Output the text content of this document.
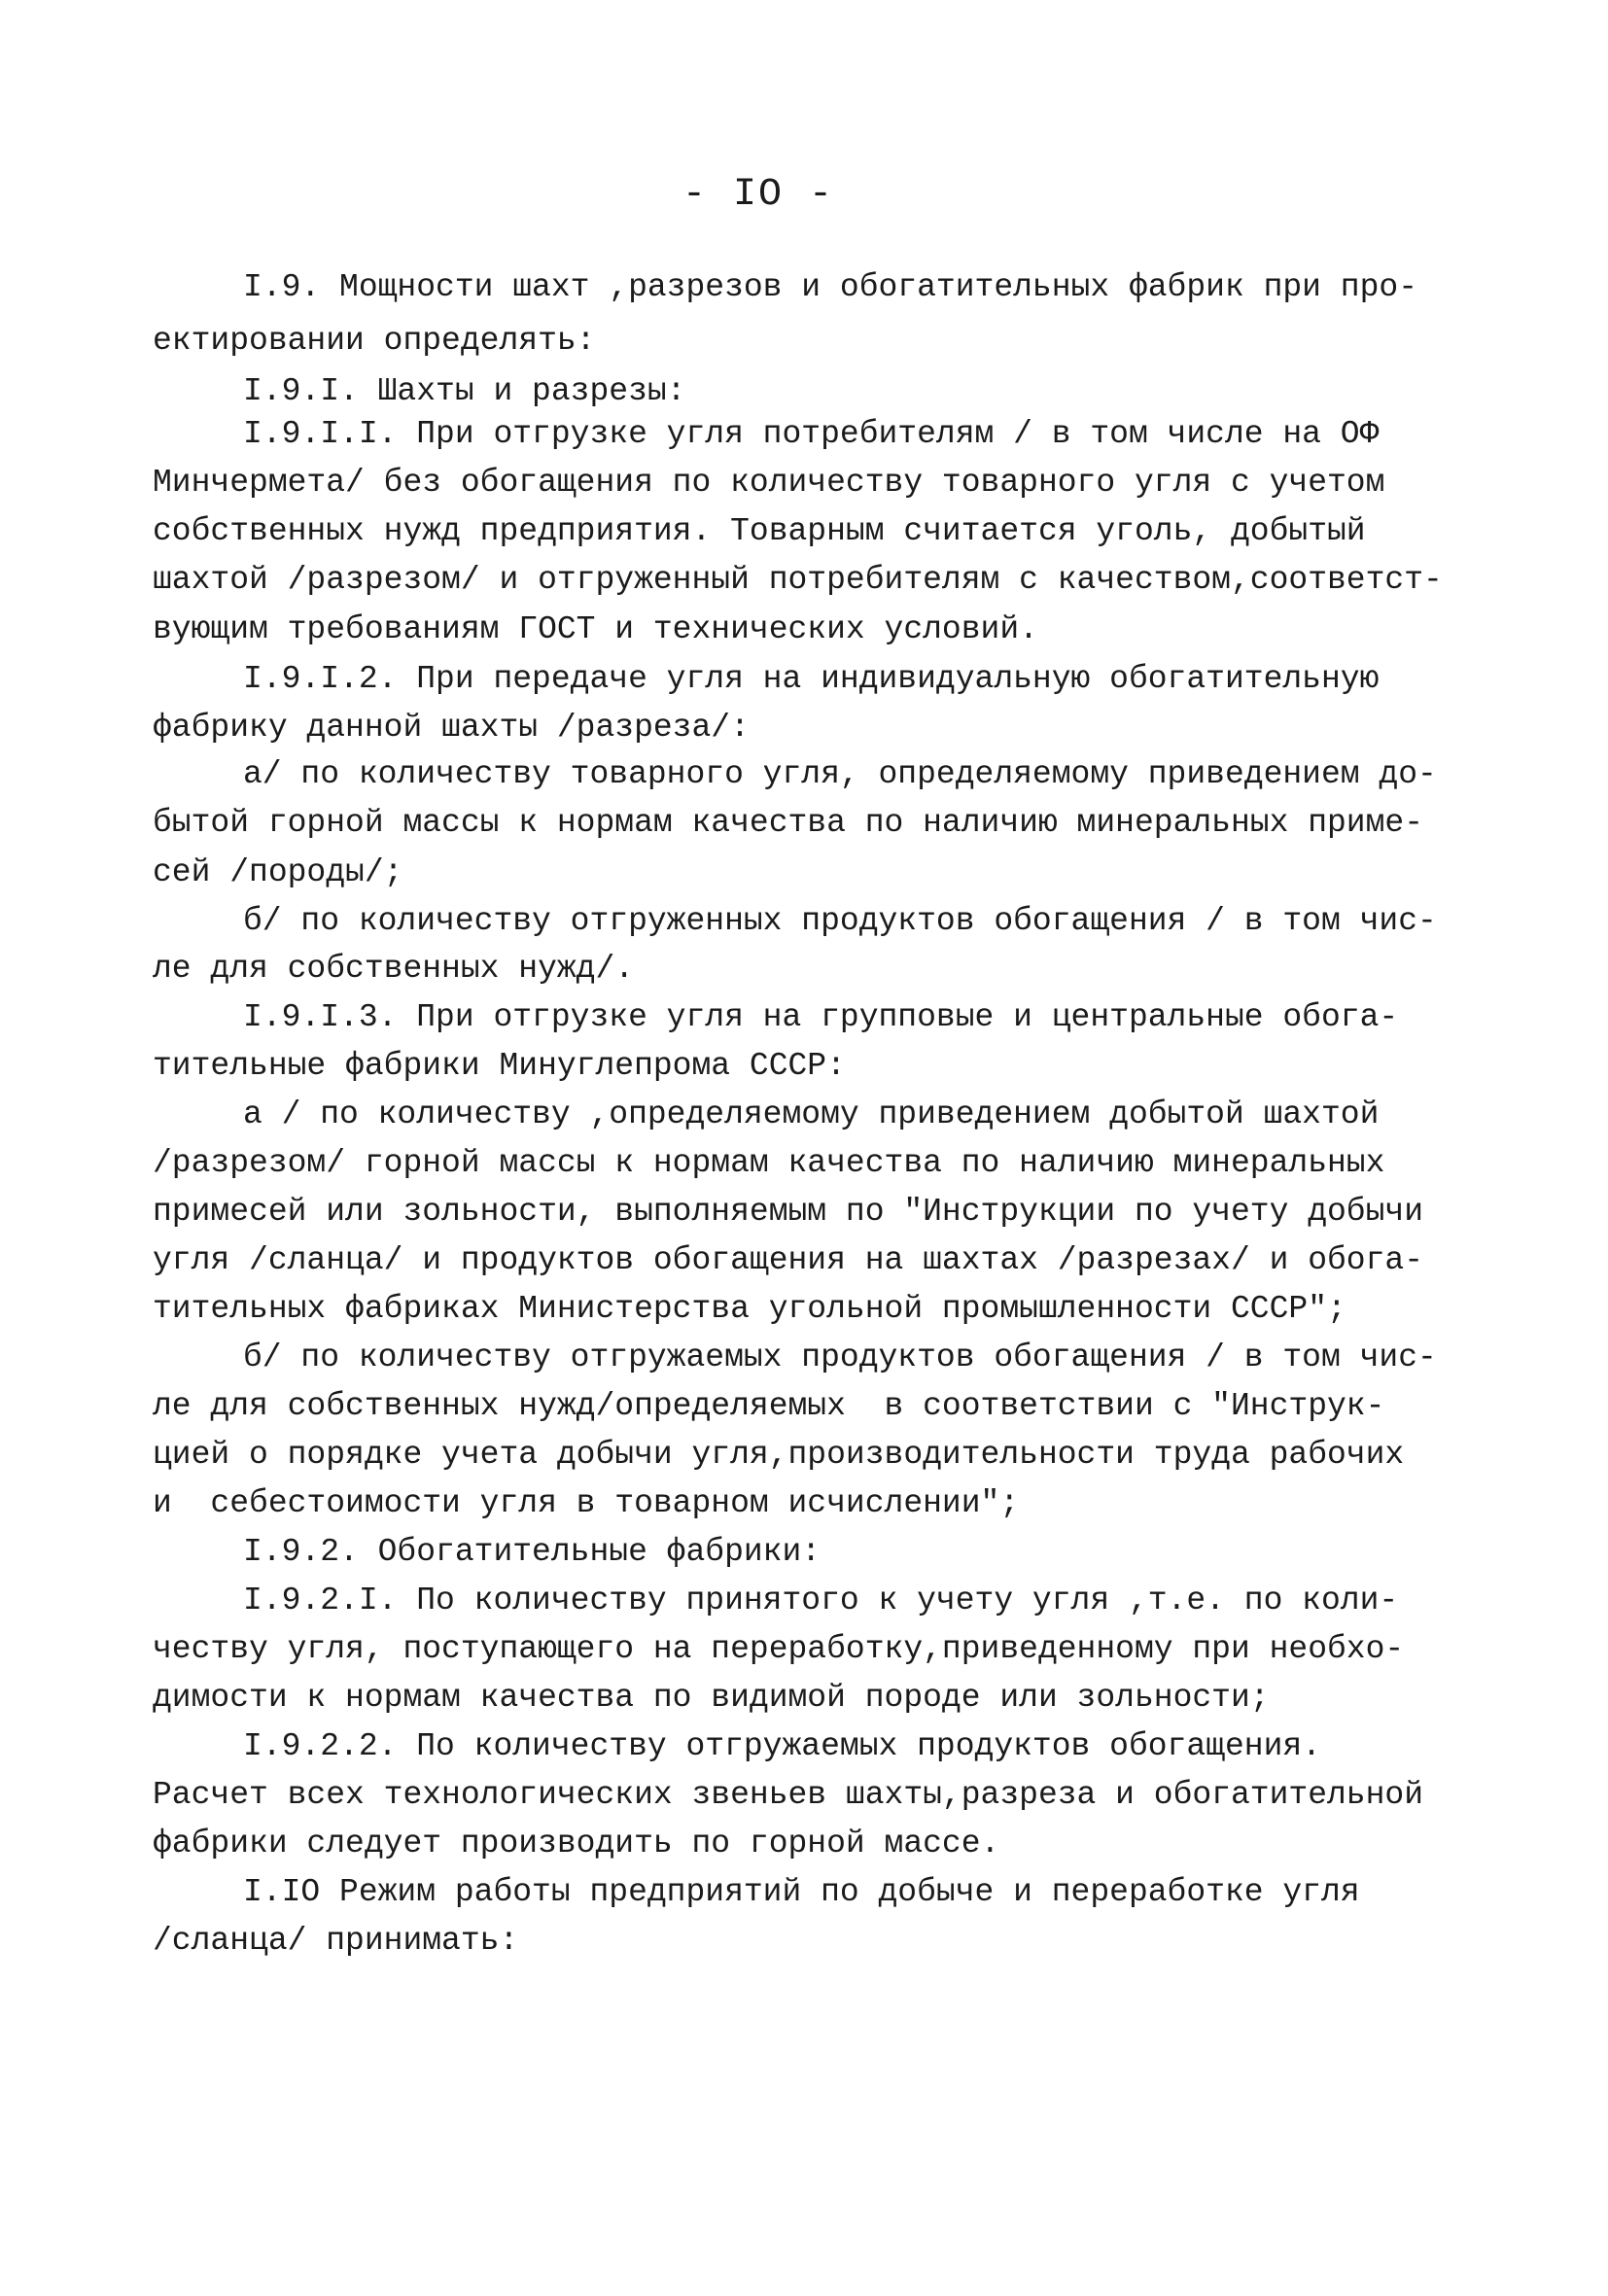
- IO -
I.9. Мощности шахт ,разрезов и обогатительных фабрик при про-
ектировании определять:
I.9.I. Шахты и разрезы:
I.9.I.I. При отгрузке угля потребителям / в том числе на ОФ
Минчермета/ без обогащения по количеству товарного угля с учетом
собственных нужд предприятия. Товарным считается уголь, добытый
шахтой /разрезом/ и отгруженный потребителям с качеством,соответст-
вующим требованиям ГОСТ и технических условий.
I.9.I.2. При передаче угля на индивидуальную обогатительную
фабрику данной шахты /разреза/:
а/ по количеству товарного угля, определяемому приведением до-
бытой горной массы к нормам качества по наличию минеральных приме-
сей /породы/;
б/ по количеству отгруженных продуктов обогащения / в том чис-
ле для собственных нужд/.
I.9.I.3. При отгрузке угля на групповые и центральные обога-
тительные фабрики Минуглепрома СССР:
а / по количеству ,определяемому приведением добытой шахтой
/разрезом/ горной массы к нормам качества по наличию минеральных
примесей или зольности, выполняемым по "Инструкции по учету добычи
угля /сланца/ и продуктов обогащения на шахтах /разрезах/ и обога-
тительных фабриках Министерства угольной промышленности СССР";
б/ по количеству отгружаемых продуктов обогащения / в том чис-
ле для собственных нужд/определяемых  в соответствии с "Инструк-
цией о порядке учета добычи угля,производительности труда рабочих
и  себестоимости угля в товарном исчислении";
I.9.2. Обогатительные фабрики:
I.9.2.I. По количеству принятого к учету угля ,т.е. по коли-
честву угля, поступающего на переработку,приведенному при необхо-
димости к нормам качества по видимой породе или зольности;
I.9.2.2. По количеству отгружаемых продуктов обогащения.
Расчет всех технологических звеньев шахты,разреза и обогатительной
фабрики следует производить по горной массе.
I.IO Режим работы предприятий по добыче и переработке угля
/сланца/ принимать:
